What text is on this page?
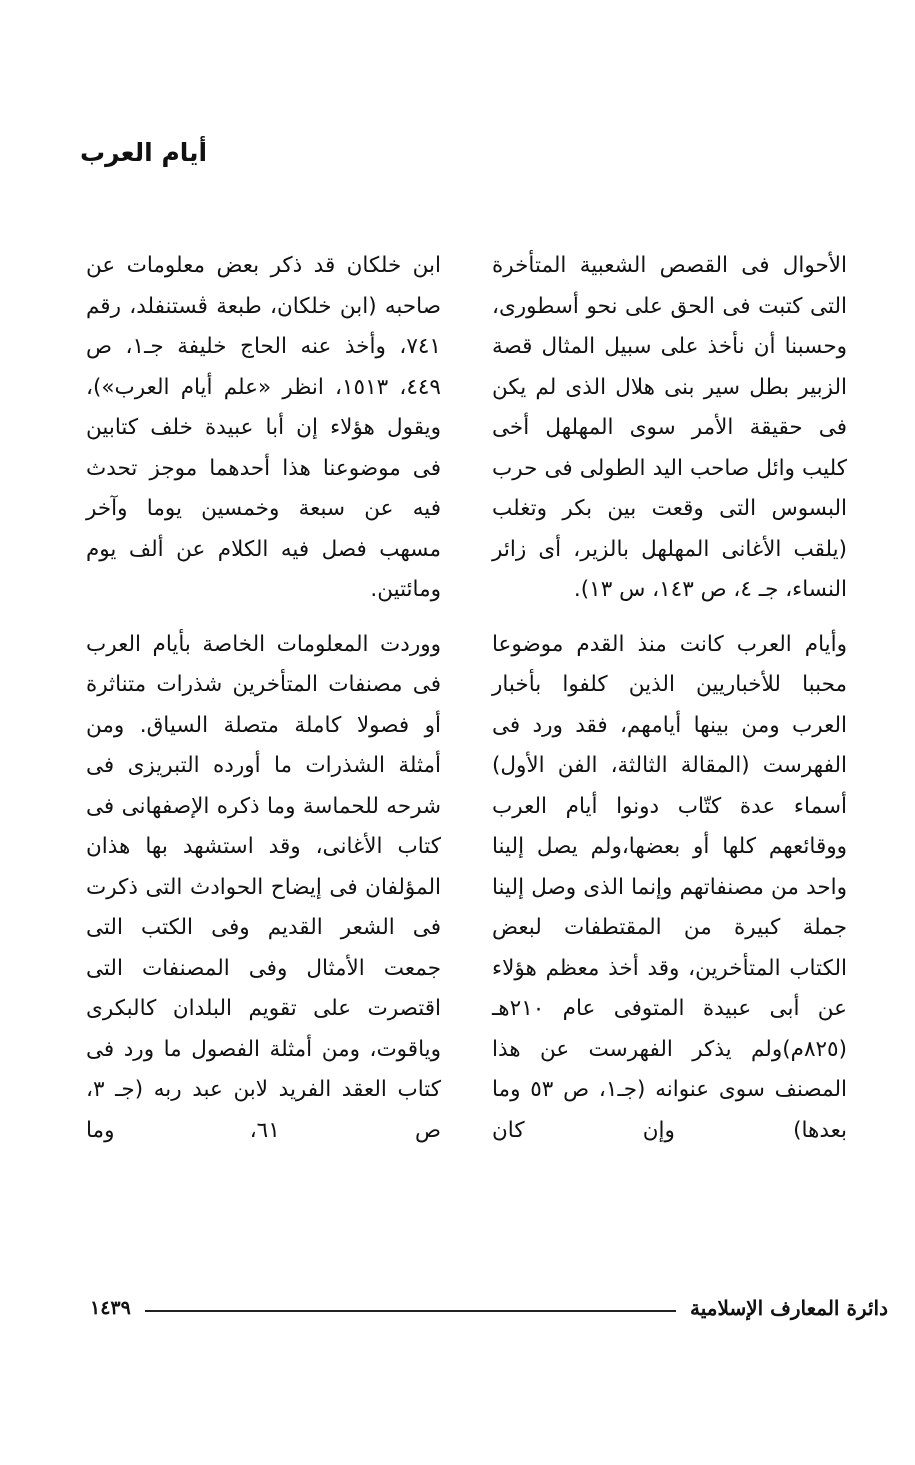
أيام العرب

الأحوال فى القصص الشعبية المتأخرة التى كتبت فى الحق على نحو أسطورى، وحسبنا أن نأخذ على سبيل المثال قصة الزبير بطل سير بنى هلال الذى لم يكن فى حقيقة الأمر سوى المهلهل أخى كليب وائل صاحب اليد الطولى فى حرب البسوس التى وقعت بين بكر وتغلب (يلقب الأغانى المهلهل بالزير، أى زائر النساء، جـ ٤، ص ١٤٣، س ١٣).

وأيام العرب كانت منذ القدم موضوعا محببا للأخباريين الذين كلفوا بأخبار العرب ومن بينها أيامهم، فقد ورد فى الفهرست (المقالة الثالثة، الفن الأول) أسماء عدة كتّاب دونوا أيام العرب ووقائعهم كلها أو بعضها،ولم يصل إلينا واحد من مصنفاتهم وإنما الذى وصل إلينا جملة كبيرة من المقتطفات لبعض الكتاب المتأخرين، وقد أخذ معظم هؤلاء عن أبى عبيدة المتوفى عام ٢١٠هـ (٨٢٥م)ولم يذكر الفهرست عن هذا المصنف سوى عنوانه (جـ١، ص ٥٣ وما بعدها) وإن كان

ابن خلكان قد ذكر بعض معلومات عن صاحبه (ابن خلكان، طبعة ڤستنفلد، رقم ٧٤١، وأخذ عنه الحاج خليفة جـ١، ص ٤٤٩، ١٥١٣، انظر «علم أيام العرب»)، ويقول هؤلاء إن أبا عبيدة خلف كتابين فى موضوعنا هذا أحدهما موجز تحدث فيه عن سبعة وخمسين يوما وآخر مسهب فصل فيه الكلام عن ألف يوم ومائتين.

ووردت المعلومات الخاصة بأيام العرب فى مصنفات المتأخرين شذرات متناثرة أو فصولا كاملة متصلة السياق. ومن أمثلة الشذرات ما أورده التبريزى فى شرحه للحماسة وما ذكره الإصفهانى فى كتاب الأغانى، وقد استشهد بها هذان المؤلفان فى إيضاح الحوادث التى ذكرت فى الشعر القديم وفى الكتب التى جمعت الأمثال وفى المصنفات التى اقتصرت على تقويم البلدان كالبكرى وياقوت، ومن أمثلة الفصول ما ورد فى كتاب العقد الفريد لابن عبد ربه (جـ ٣، ص ٦١، وما

دائرة المعارف الإسلامية
١٤٣٩
